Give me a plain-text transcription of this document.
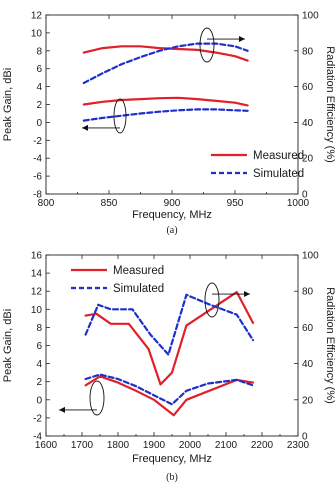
800	850	900	950	1000
-8
-6
-4
-2
0
2
4
6
8
10
12
0
20
40
60
80
100
Frequency, MHz
Peak Gain, dBi	Radiation Efficiency (%)
(a)
Measured
Simulated
1600 1700 1800 1900 2000 2100 2200 2300
-4
-2
0
2
4
6
8
10
12
14
16
0
20
40
60
80
100
Frequency, MHz
Peak Gain, dBi	Radiation Efficiency (%)
(b)
Measured
Simulated
